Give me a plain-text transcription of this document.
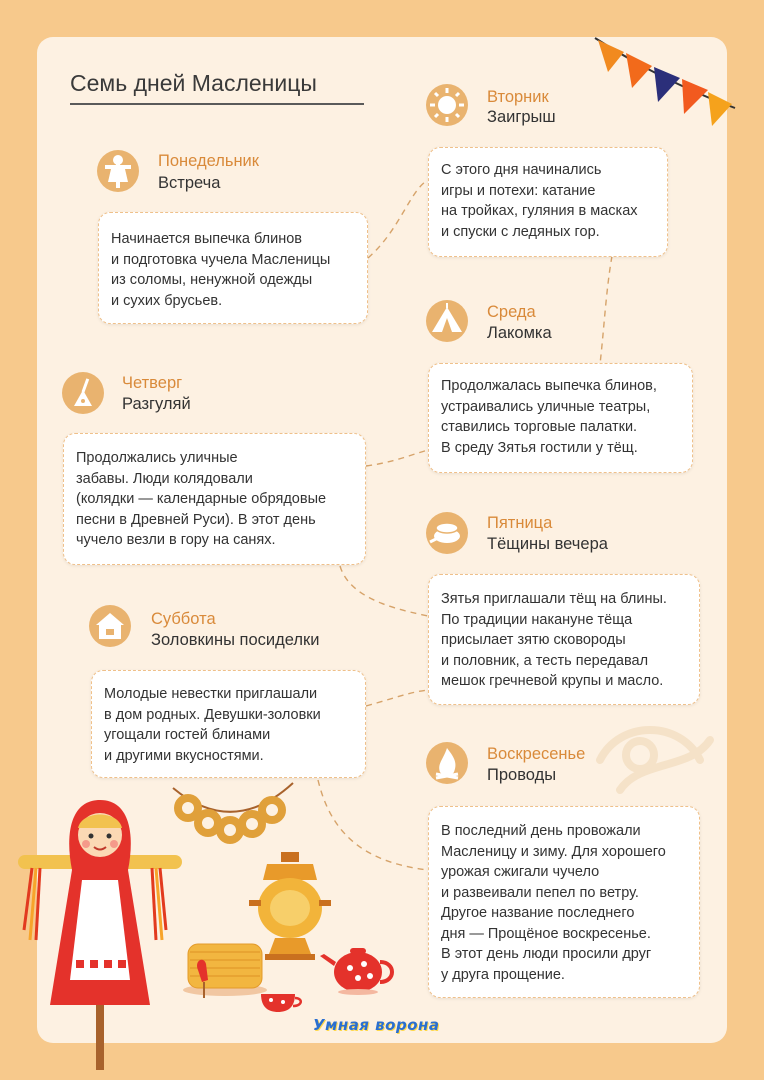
Семь дней Масленицы
Понедельник
Встреча
Начинается выпечка блинов
и подготовка чучела Масленицы
из соломы, ненужной одежды
и сухих брусьев.
Вторник
Заигрыш
С этого дня начинались
игры и потехи: катание
на тройках, гуляния в масках
и спуски с ледяных гор.
Среда
Лакомка
Продолжалась выпечка блинов,
устраивались уличные театры,
ставились торговые палатки.
В среду Зятья гостили у тёщ.
Четверг
Разгуляй
Продолжались уличные
забавы. Люди колядовали
(колядки — календарные обрядовые
песни в Древней Руси). В этот день
чучело везли в гору на санях.
Пятница
Тёщины вечера
Зятья приглашали тёщ на блины.
По традиции накануне тёща
присылает зятю сковороды
и половник, а тесть передавал
мешок гречневой крупы и масло.
Суббота
Золовкины посиделки
Молодые невестки приглашали
в дом родных. Девушки-золовки
угощали гостей блинами
и другими вкусностями.	Воскресенье
Проводы
В последний день провожали
Масленицу и зиму. Для хорошего
урожая сжигали чучело
и развеивали пепел по ветру.
Другое название последнего
дня — Прощёное воскресенье.
В этот день люди просили друг
у друга прощение.
Умная ворона
